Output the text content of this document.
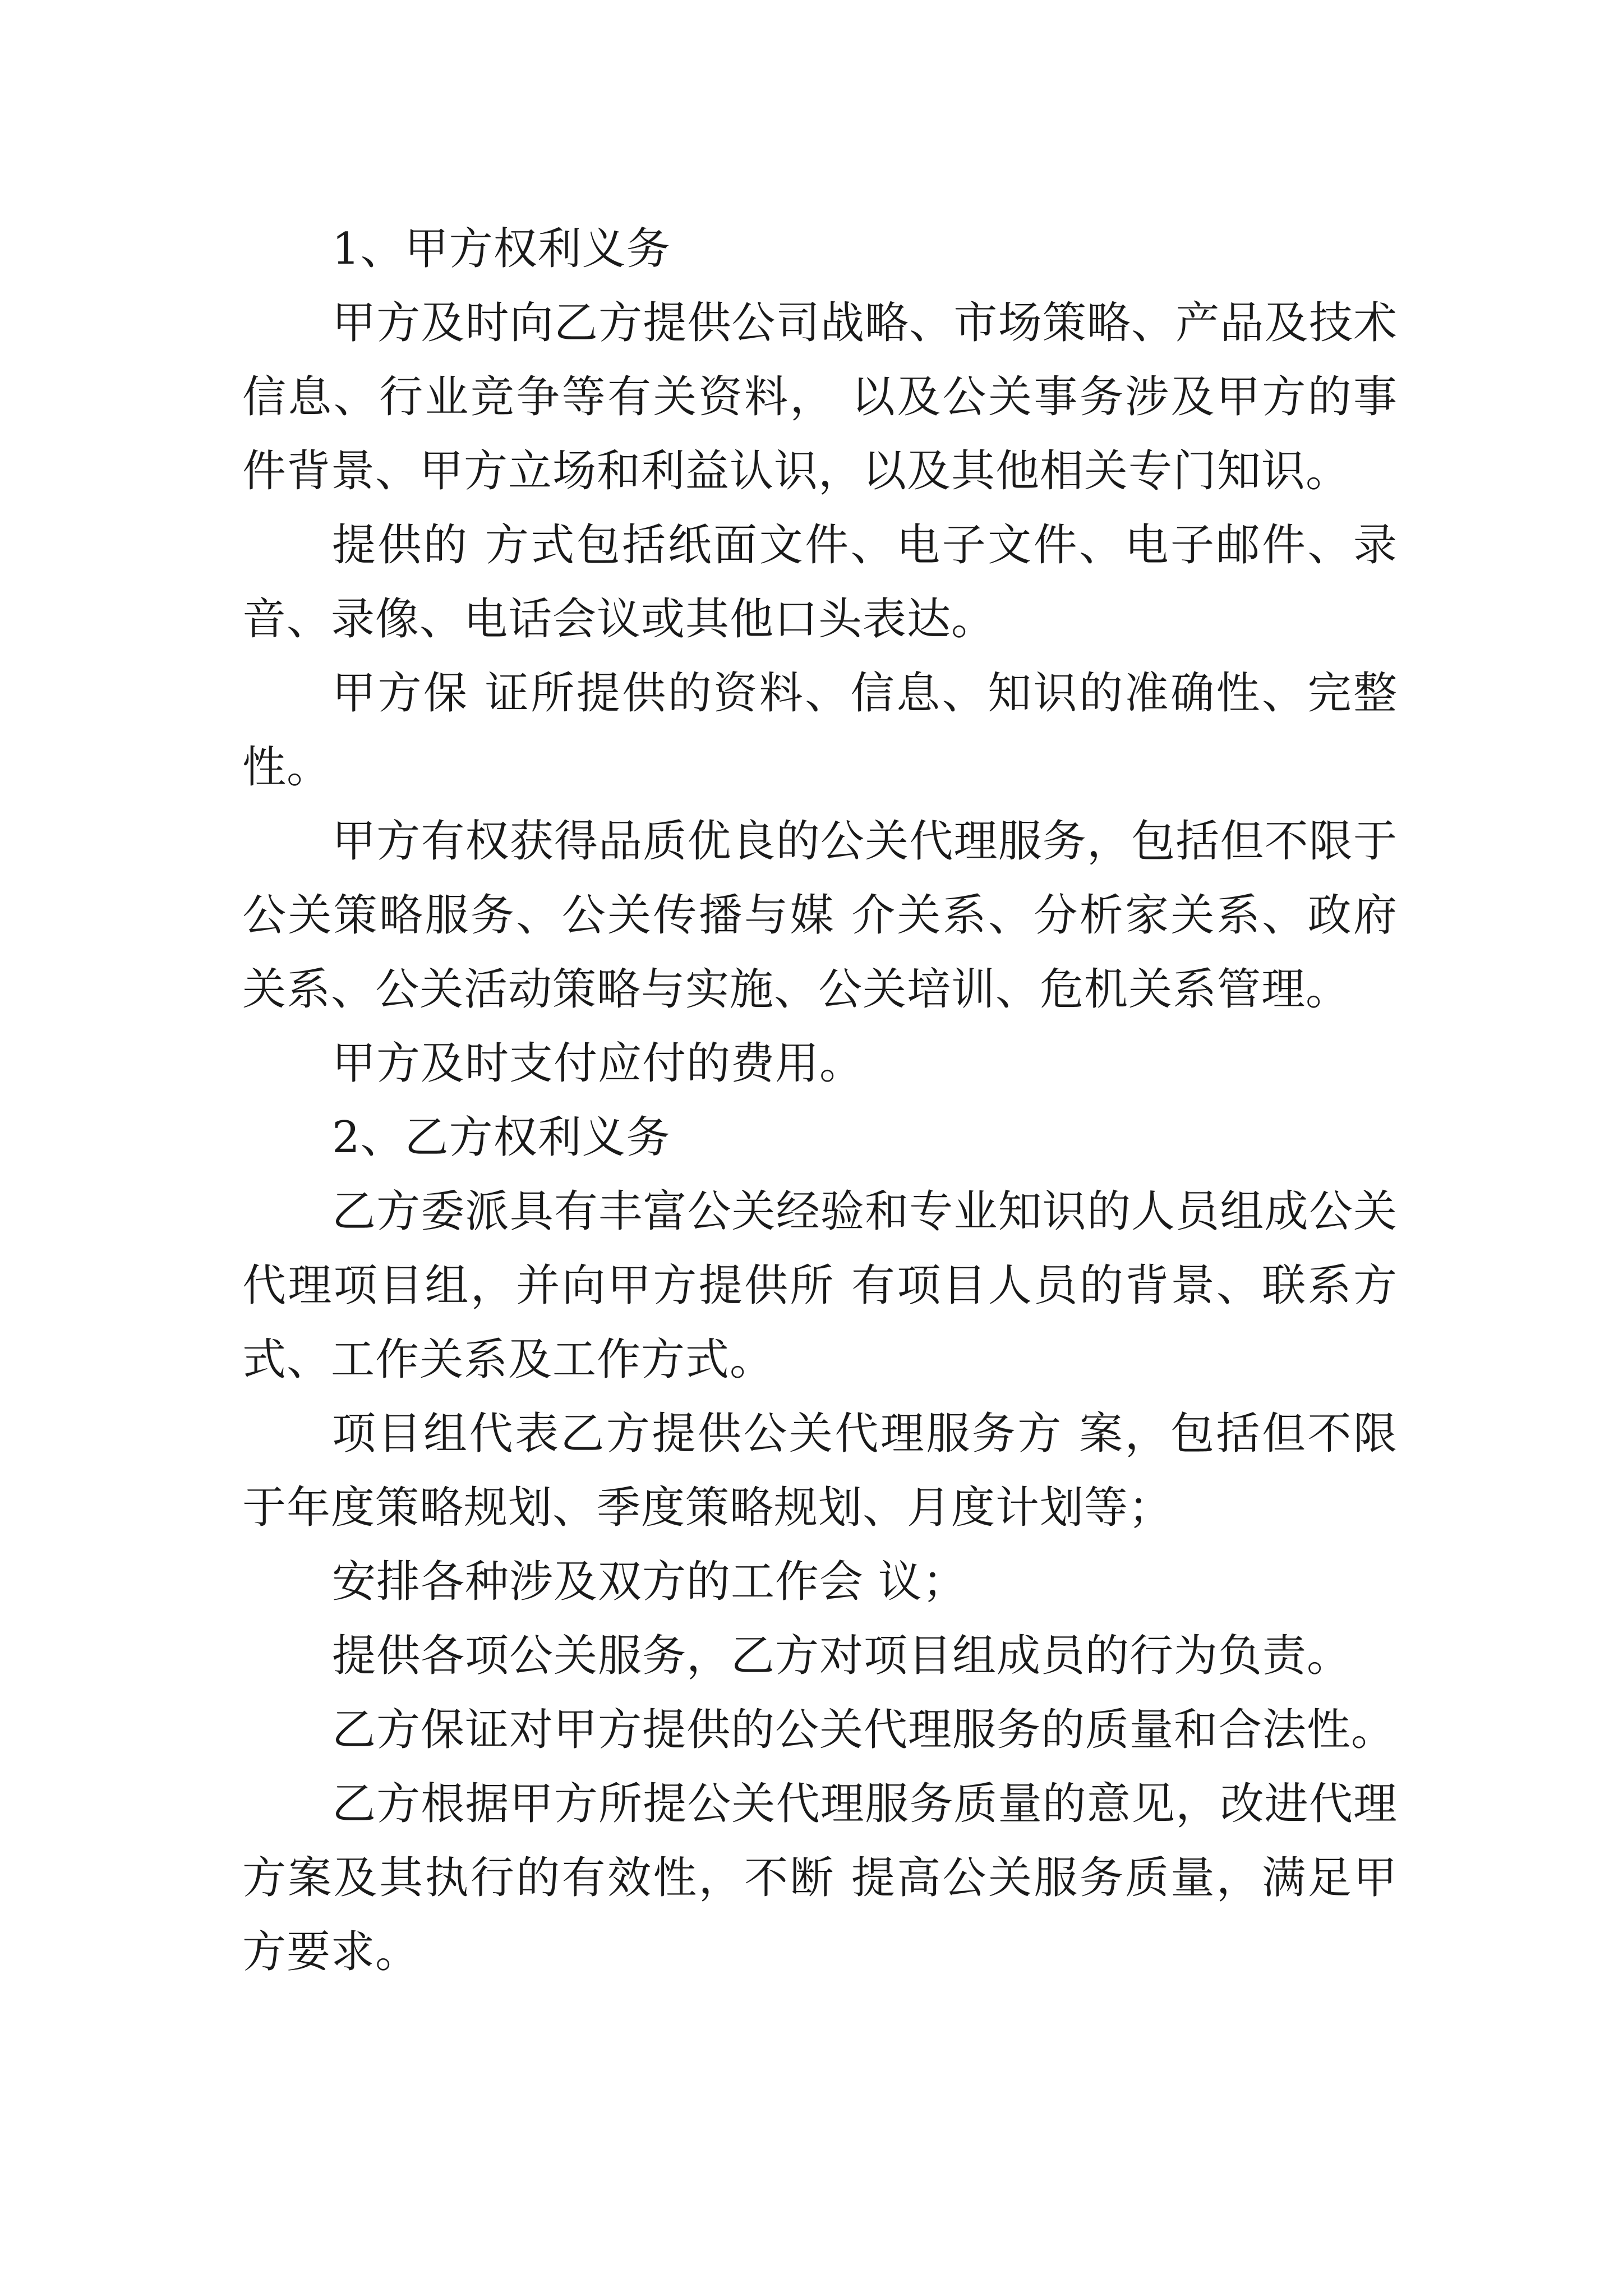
1、甲方权利义务

甲方及时向乙方提供公司战略、市场策略、产品及技术信息、行业竞争等有关资料， 以及公关事务涉及甲方的事件背景、甲方立场和利益认识，以及其他相关专门知识。

提供的 方式包括纸面文件、电子文件、电子邮件、录音、录像、电话会议或其他口头表达。

甲方保 证所提供的资料、信息、知识的准确性、完整性。

甲方有权获得品质优良的公关代理服务，包括但不限于公关策略服务、公关传播与媒 介关系、分析家关系、政府关系、公关活动策略与实施、公关培训、危机关系管理。

甲方及时支付应付的费用。

2、乙方权利义务

乙方委派具有丰富公关经验和专业知识的人员组成公关代理项目组，并向甲方提供所 有项目人员的背景、联系方式、工作关系及工作方式。

项目组代表乙方提供公关代理服务方 案，包括但不限于年度策略规划、季度策略规划、月度计划等；

安排各种涉及双方的工作会 议；

提供各项公关服务，乙方对项目组成员的行为负责。

乙方保证对甲方提供的公关代理服务的质量和合法性。

乙方根据甲方所提公关代理服务质量的意见，改进代理方案及其执行的有效性，不断 提高公关服务质量，满足甲方要求。
